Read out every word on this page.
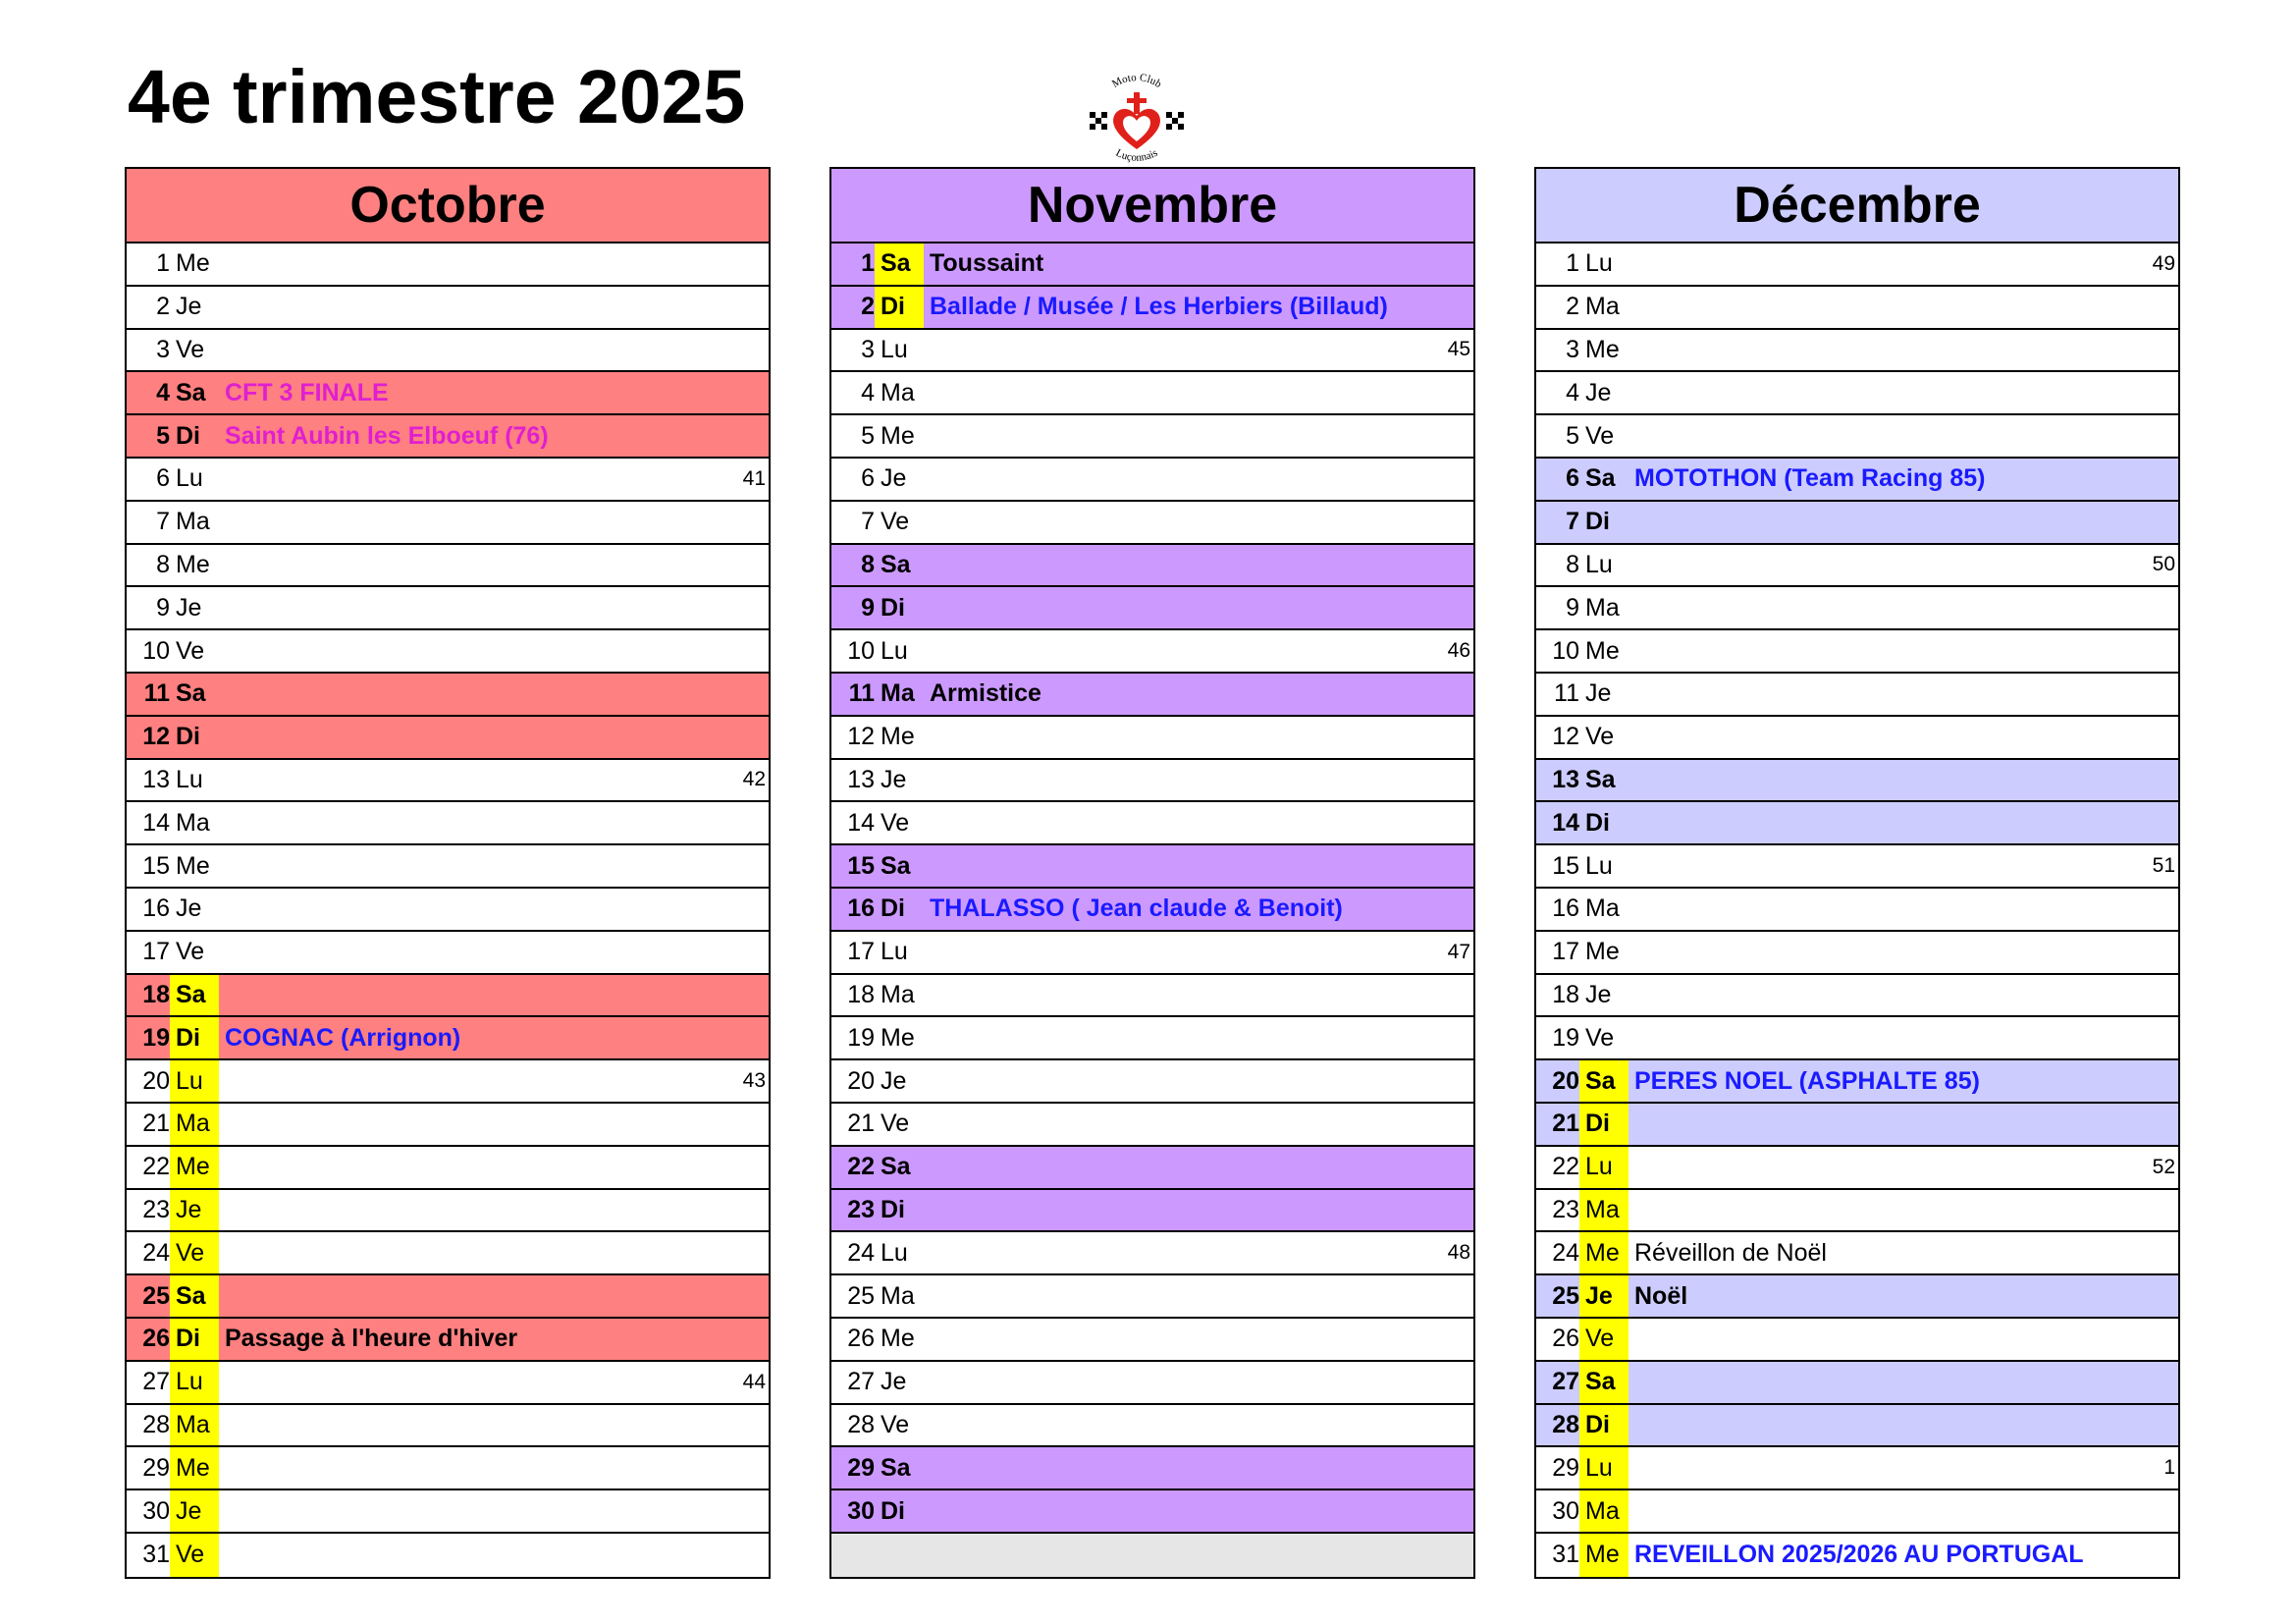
4e trimestre 2025	Moto Club
Luçonnais
Octobre
1 Me
2 Je
3 Ve
4 Sa CFT 3 FINALE
5 Di	Saint Aubin les Elboeuf (76)
6 Lu	41
7 Ma
8 Me
9 Je
10 Ve
11 Sa
12 Di
13 Lu	42
14 Ma
15 Me
16 Je
17 Ve
18 Sa
19 Di	COGNAC (Arrignon)
20 Lu	43
21 Ma
22 Me
23 Je
24 Ve
25 Sa
26 Di	Passage à l'heure d'hiver
27 Lu	44
28 Ma
29 Me
30 Je
31 Ve
Novembre
1 Sa Toussaint
2 Di	Ballade / Musée / Les Herbiers (Billaud)
3 Lu	45
4 Ma
5 Me
6 Je
7 Ve
8 Sa
9 Di
10 Lu	46
11 Ma Armistice
12 Me
13 Je
14 Ve
15 Sa
16 Di	THALASSO ( Jean claude & Benoit)
17 Lu	47
18 Ma
19 Me
20 Je
21 Ve
22 Sa
23 Di
24 Lu	48
25 Ma
26 Me
27 Je
28 Ve
29 Sa
30 Di
Décembre
1 Lu	49
2 Ma
3 Me
4 Je
5 Ve
6 Sa MOTOTHON (Team Racing 85)
7 Di
8 Lu	50
9 Ma
10 Me
11 Je
12 Ve
13 Sa
14 Di
15 Lu	51
16 Ma
17 Me
18 Je
19 Ve
20 Sa PERES NOEL (ASPHALTE 85)
21 Di
22 Lu	52
23 Ma
24 Me Réveillon de Noël
25 Je Noël
26 Ve
27 Sa
28 Di
29 Lu	1
30 Ma
31 Me REVEILLON 2025/2026 AU PORTUGAL
